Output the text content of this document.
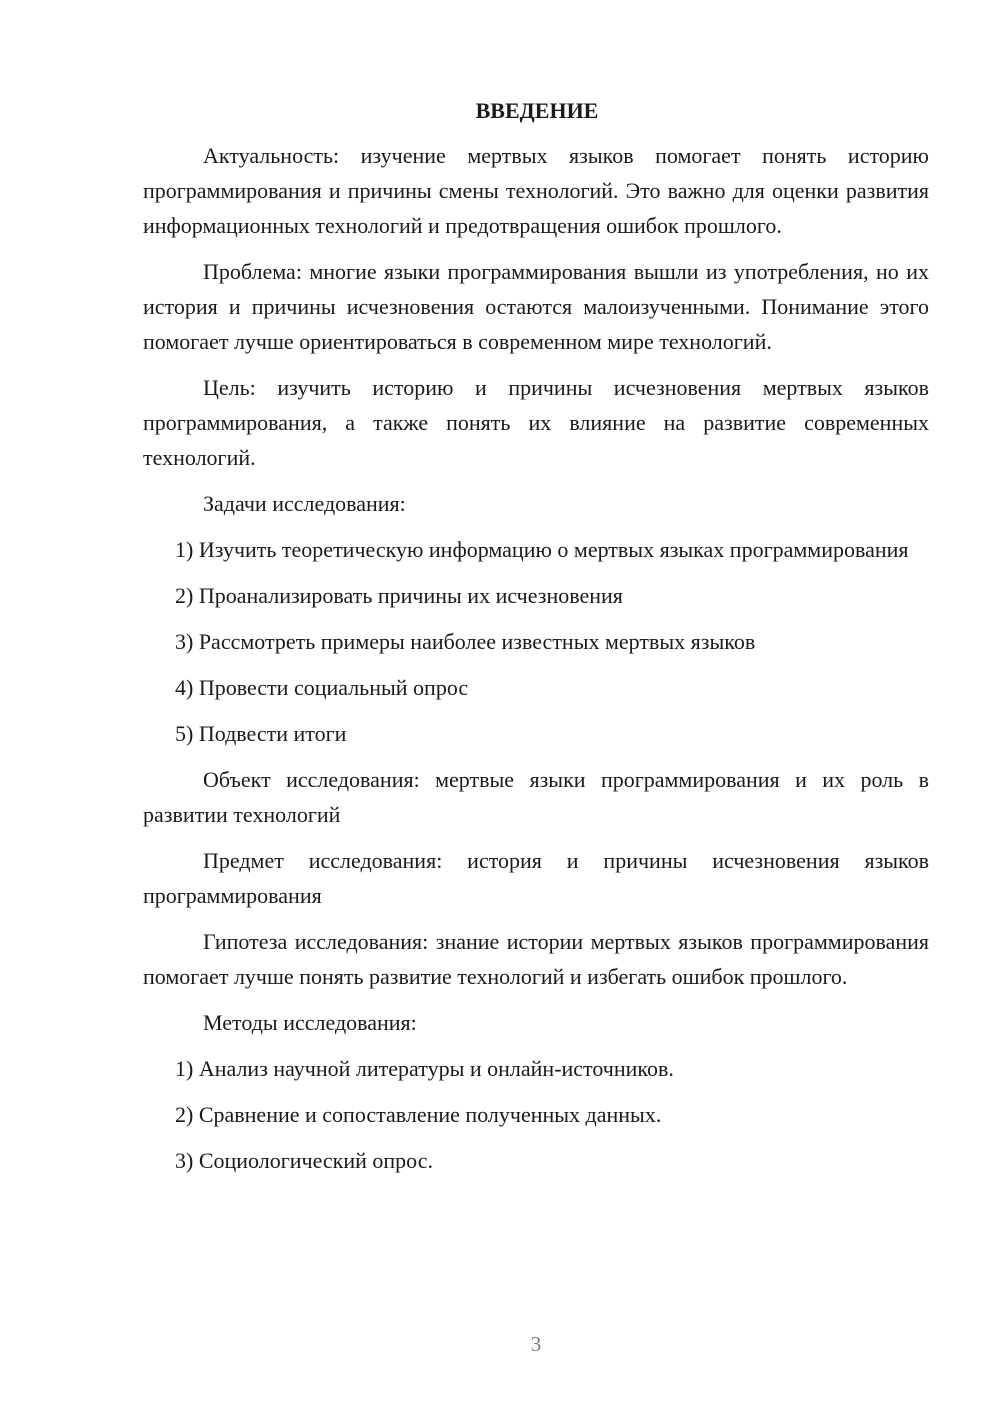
ВВЕДЕНИЕ

Актуальность: изучение мертвых языков помогает понять историю программирования и причины смены технологий. Это важно для оценки развития информационных технологий и предотвращения ошибок прошлого.

Проблема: многие языки программирования вышли из употребления, но их история и причины исчезновения остаются малоизученными. Понимание этого помогает лучше ориентироваться в современном мире технологий.

Цель: изучить историю и причины исчезновения мертвых языков программирования, а также понять их влияние на развитие современных технологий.

Задачи исследования:

1) Изучить теоретическую информацию о мертвых языках программирования

2) Проанализировать причины их исчезновения

3) Рассмотреть примеры наиболее известных мертвых языков

4) Провести социальный опрос

5) Подвести итоги

Объект исследования: мертвые языки программирования и их роль в развитии технологий

Предмет исследования: история и причины исчезновения языков программирования

Гипотеза исследования: знание истории мертвых языков программирования помогает лучше понять развитие технологий и избегать ошибок прошлого.

Методы исследования:

1) Анализ научной литературы и онлайн-источников.

2) Сравнение и сопоставление полученных данных.

3) Социологический опрос.

3
